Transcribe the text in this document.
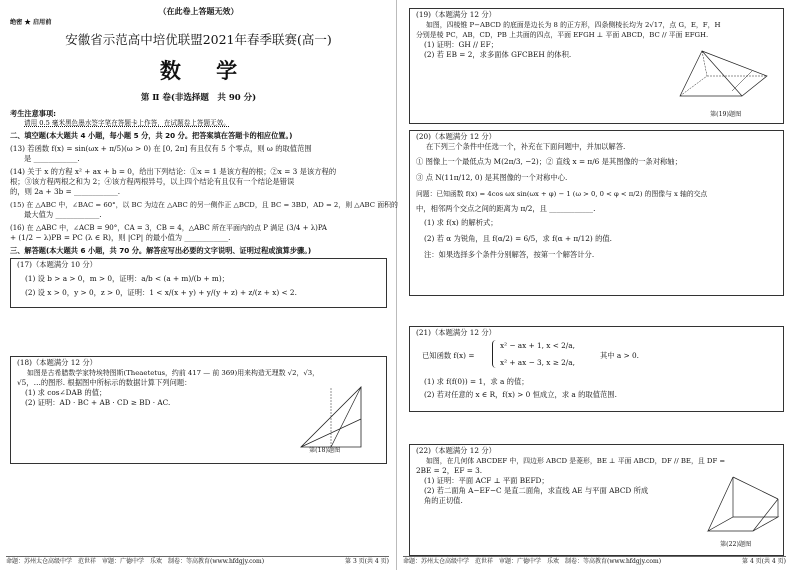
（在此卷上答题无效）
绝密 ★ 启用前
安徽省示范高中培优联盟2021年春季联赛(高一)
数 学
第 Ⅱ 卷(非选择题　共 90 分)
考生注意事项:
请用 0.5 毫米黑色墨水签字笔在答题卡上作答，在试题卷上答题无效。
二、填空题(本大题共 4 小题，每小题 5 分，共 20 分。把答案填在答题卡的相应位置。)
(13) 若函数 f(x) = sin(ωx + π/5)(ω > 0) 在 [0, 2π] 有且仅有 5 个零点，则 ω 的取值范围
是 ____________.
(14) 关于 x 的方程 x² + ax + b = 0，给出下列结论：①x = 1 是该方程的根；②x = 3 是该方程的
根；③该方程两根之和为 2；④该方程两根异号，以上四个结论有且仅有一个结论是错误
的，则 2a + 3b = ____________.
(15) 在 △ABC 中，∠BAC = 60°，以 BC 为边在 △ABC 的另一侧作正 △BCD，且 BC = 3BD，AD = 2，则 △ABC 面积的
最大值为 ____________.
(16) 在 △ABC 中，∠ACB = 90°，CA = 3，CB = 4，△ABC 所在平面内的点 P 满足 (3/4 + λ)PA
+ (1/2 − λ)PB = PC (λ ∈ R)，则 |CP| 的最小值为 ____________.
三、解答题(本大题共 6 小题，共 70 分。解答应写出必要的文字说明、证明过程或演算步骤。)
(17)（本题满分 10 分）
(1) 设 b > a > 0，m > 0，证明：a/b < (a + m)/(b + m)；
(2) 设 x > 0，y > 0，z > 0，证明：1 < x/(x + y) + y/(y + z) + z/(z + x) < 2.
(18)（本题满分 12 分）
如图是古希腊数学家特埃特图斯(Theaetetus，约前 417 — 前 369)用来构造无理数 √2，√3，
√5，…的图形. 根据图中所标示的数据计算下列问题：
(1) 求 cos∠DAB 的值；
(2) 证明：AD · BC + AB · CD ≥ BD · AC.
第(18)题图
命题：苏州太仓高级中学　范世祥　审题：广德中学　乐欢　制卷：等高教育(www.hfdgjy.com)	第 3 页(共 4 页)
(19)（本题满分 12 分）
如图，四棱锥 P−ABCD 的底面是边长为 8 的正方形，四条侧棱长均为 2√17，点 G，E，F，H
分别是棱 PC，AB，CD，PB 上共面的四点，平面 EFGH ⊥ 平面 ABCD，BC // 平面 EFGH.
(1) 证明：GH // EF；
(2) 若 EB = 2，求多面体 GFCBEH 的体积.
第(19)题图
(20)（本题满分 12 分）
在下列三个条件中任选一个，补充在下面问题中，并加以解答.
① 图像上一个最低点为 M(2π/3, −2)；② 直线 x = π/6 是其图像的一条对称轴；
③ 点 N(11π/12, 0) 是其图像的一个对称中心.
问题：已知函数 f(x) = 4cos ωx sin(ωx + φ) − 1 (ω > 0, 0 < φ < π/2) 的图像与 x 轴的交点
中，相邻两个交点之间的距离为 π/2，且 ____________.
(1) 求 f(x) 的解析式；
(2) 若 α 为锐角，且 f(α/2) = 6/5，求 f(α + π/12) 的值.
注：如果选择多个条件分别解答，按第一个解答计分.
(21)（本题满分 12 分）
已知函数 f(x) =
x² − ax + 1, x < 2/a,
x² + ax − 3, x ≥ 2/a,
其中 a > 0.
(1) 求 f(f(0)) = 1，求 a 的值；
(2) 若对任意的 x ∈ R，f(x) > 0 恒成立，求 a 的取值范围.
(22)（本题满分 12 分）
如图，在几何体 ABCDEF 中，四边形 ABCD 是菱形，BE ⊥ 平面 ABCD，DF // BE，且 DF =
2BE = 2，EF = 3.
(1) 证明：平面 ACF ⊥ 平面 BEFD；
(2) 若二面角 A−EF−C 是直二面角，求直线 AE 与平面 ABCD 所成
角的正切值.
第(22)题图
命题：苏州太仓高级中学　范世祥　审题：广德中学　乐欢　制卷：等高教育(www.hfdgjy.com)	第 4 页(共 4 页)
